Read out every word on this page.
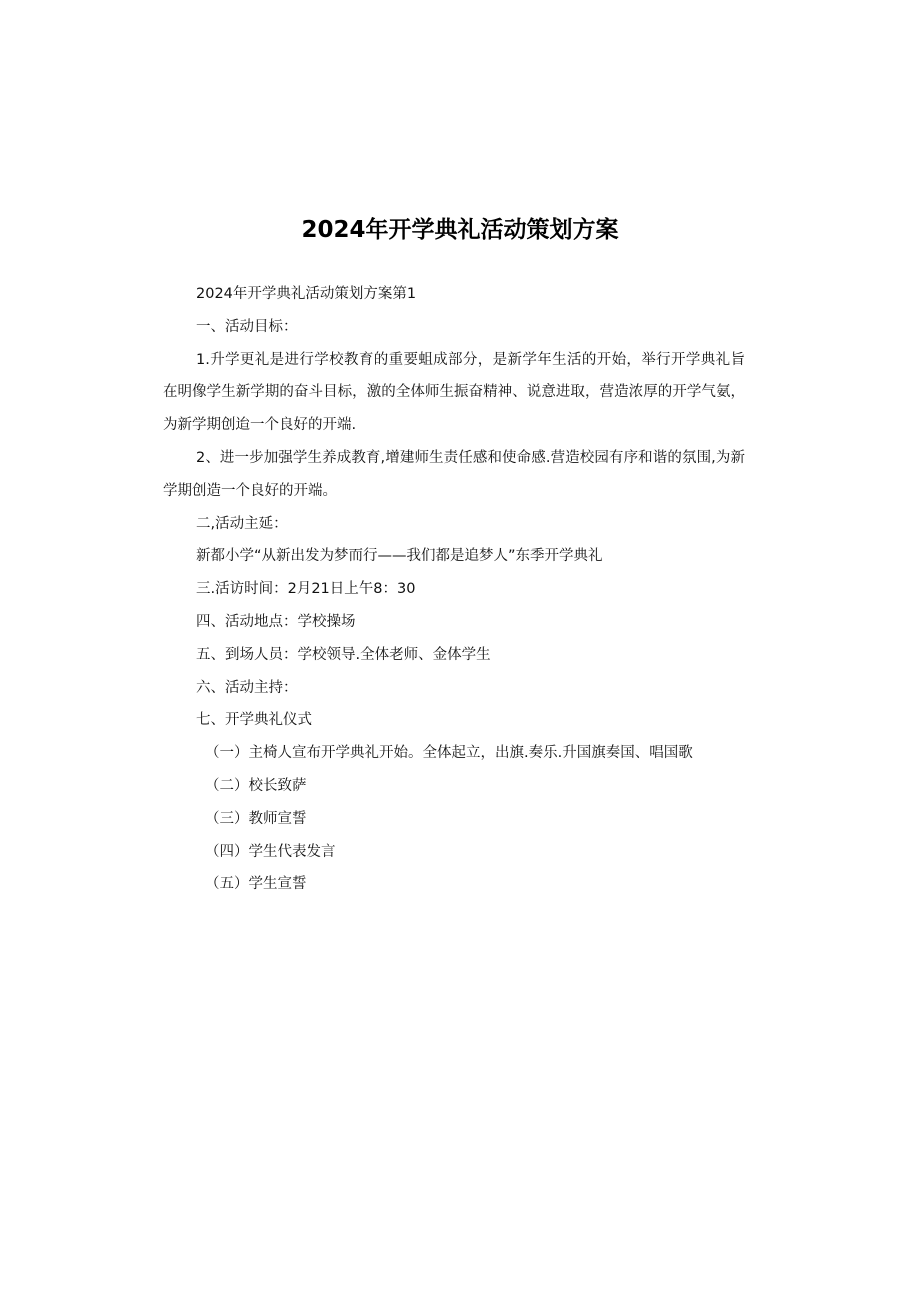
2024年开学典礼活动策划方案

2024年开学典礼活动策划方案第1

一、活动目标：

1.升学更礼是进行学校教育的重要蛆成部分，是新学年生活的开始，举行开学典礼旨在明像学生新学期的奋斗目标，激的全体师生振奋精神、说意进取，营造浓厚的开学气氨，为新学期创迨一个良好的开端.

2、进一步加强学生养成教育,增建师生责任感和使命感.营造校园有序和谐的氛围,为新学期创造一个良好的开端。

二,活动主延：

新都小学“从新出发为梦而行——我们都是追梦人”东季开学典礼

三.活访时间：2月21日上午8：30

四、活动地点：学校操场

五、到场人员：学校领导.全体老师、金体学生

六、活动主持：

七、开学典礼仪式

（一）主椅人宣布开学典礼开始。全体起立，出旗.奏乐.升国旗奏国、唱国歌

（二）校长致萨

（三）教师宣誓

（四）学生代表发言

（五）学生宣誓
